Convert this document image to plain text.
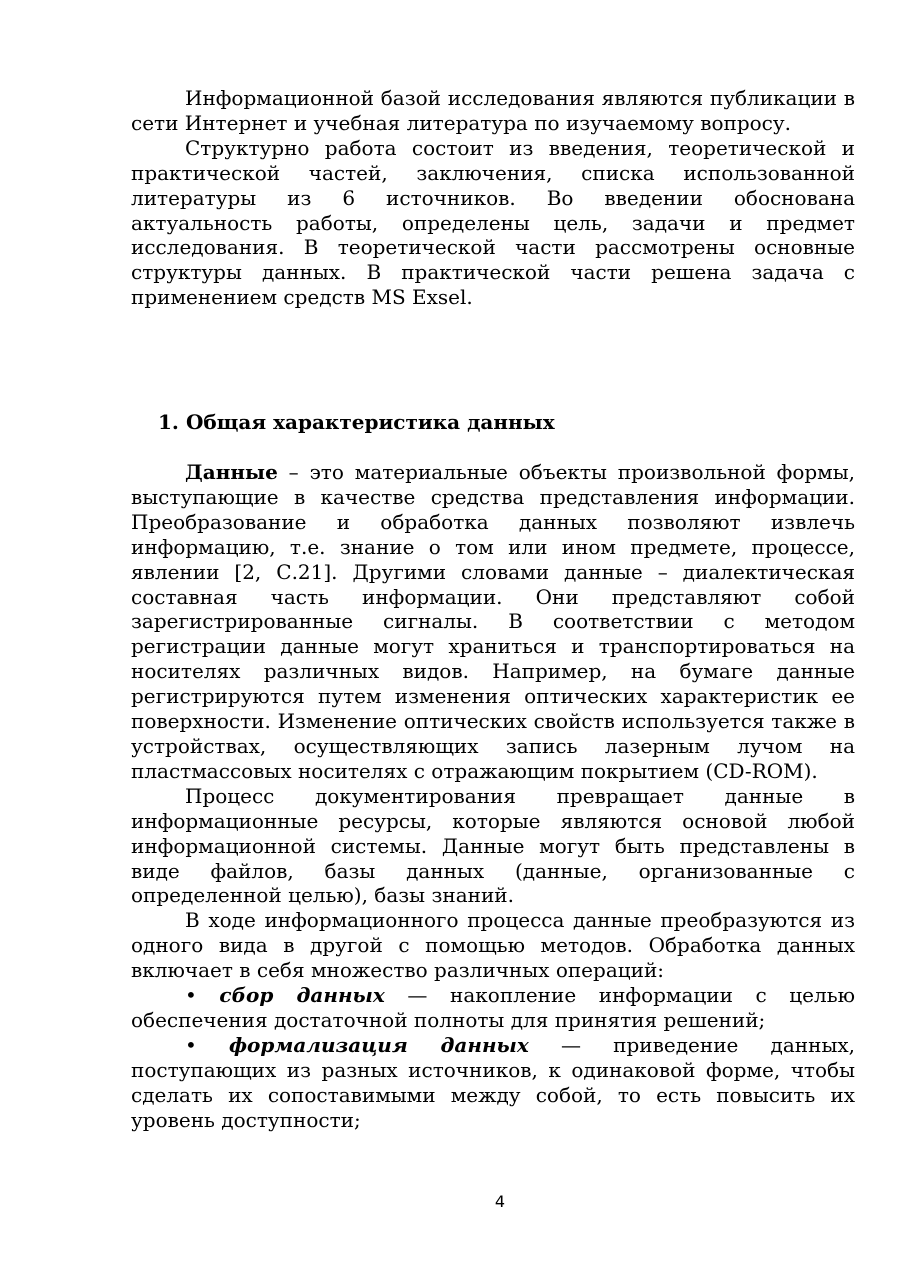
Информационной базой исследования являются публикации в сети Интернет и учебная литература по изучаемому вопросу.

Структурно работа состоит из введения, теоретической и практической частей, заключения, списка использованной литературы из 6 источников. Во введении обоснована актуальность работы, определены цель, задачи и предмет исследования. В теоретической части рассмотрены основные структуры данных. В практической части решена задача с применением средств MS Exsel.

1. Общая характеристика данных

Данные – это материальные объекты произвольной формы, выступающие в качестве средства представления информации. Преобразование и обработка данных позволяют извлечь информацию, т.е. знание о том или ином предмете, процессе, явлении [2, С.21]. Другими словами данные – диалектическая составная часть информации. Они представляют собой зарегистрированные сигналы. В соответствии с методом регистрации данные могут храниться и транспортироваться на носителях различных видов. Например, на бумаге данные регистрируются путем изменения оптических характеристик ее поверхности. Изменение оптических свойств используется также в устройствах, осуществляющих запись лазерным лучом на пластмассовых носителях с отражающим покрытием (CD-ROM).

Процесс документирования превращает данные в информационные ресурсы, которые являются основой любой информационной системы. Данные могут быть представлены в виде файлов, базы данных (данные, организованные с определенной целью), базы знаний.

В ходе информационного процесса данные преобразуются из одного вида в другой с помощью методов. Обработка данных включает в себя множество различных операций:

• сбор данных — накопление информации с целью обеспечения достаточной полноты для принятия решений;

• формализация данных — приведение данных, поступающих из разных источников, к одинаковой форме, чтобы сделать их сопоставимыми между собой, то есть повысить их уровень доступности;

4
